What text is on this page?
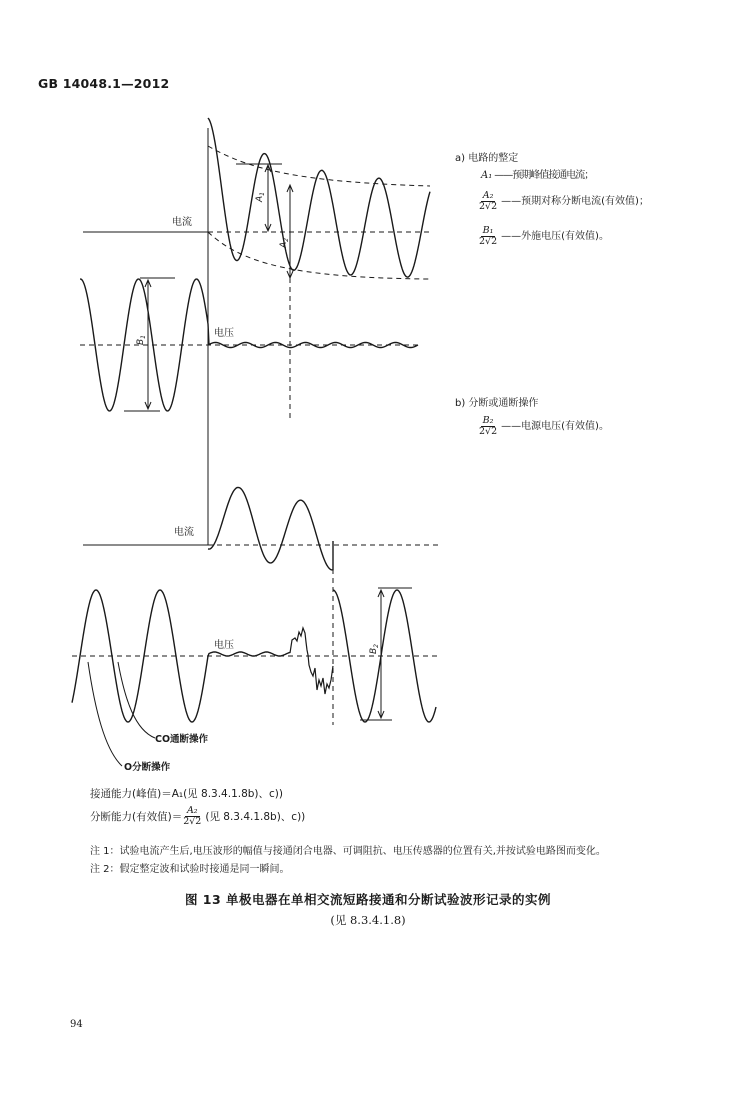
GB 14048.1—2012
电流
电压
电流
电压
$A_1$
$A_2$
$B_1$
$B_2$
CO通断操作
O分断操作
a) 电路的整定
A₁ ——预期峰值接通电流；
$\frac{\text{A₂}}{2√2}$ ——预期对称分断电流(有效值)；
$\frac{\text{B₁}}{2√2}$ ——外施电压(有效值)。
b) 分断或通断操作
$\frac{\text{B₂}}{2√2}$ ——电源电压(有效值)。
接通能力(峰值)＝A₁(见 8.3.4.1.8b)、c))
分断能力(有效值)＝ $\frac{\text{A₂}}{2√2}$ (见 8.3.4.1.8b)、c))
注 1：试验电流产生后,电压波形的幅值与接通闭合电器、可调阻抗、电压传感器的位置有关,并按试验电路图而变化。
注 2：假定整定波和试验时接通是同一瞬间。
图 13 单极电器在单相交流短路接通和分断试验波形记录的实例
(见 8.3.4.1.8)
94
